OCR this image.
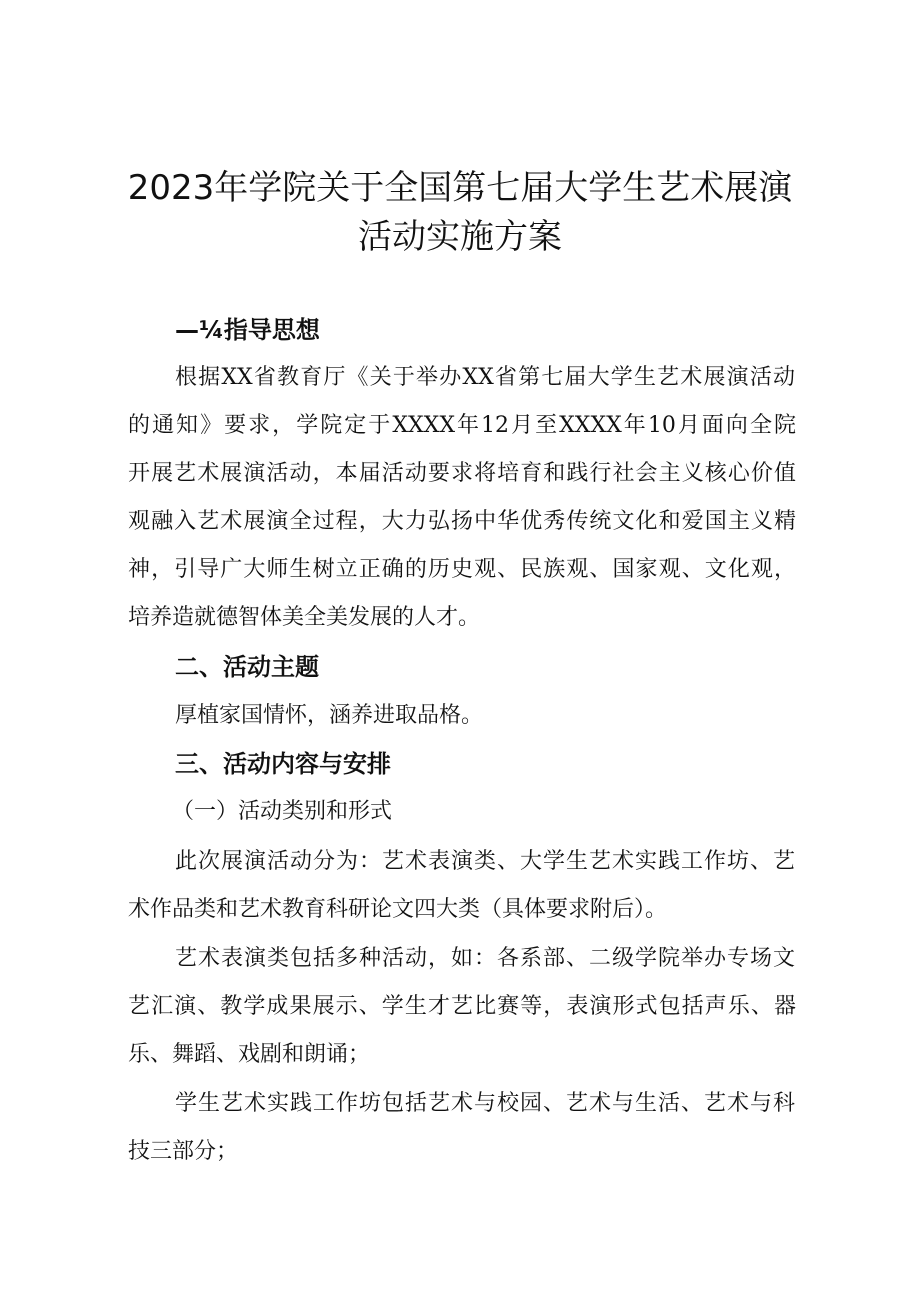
2023年学院关于全国第七届大学生艺术展演
活动实施方案
—¼指导思想
根据XX省教育厅《关于举办XX省第七届大学生艺术展演活动
的通知》要求，学院定于XXXX年12月至XXXX年10月面向全院
开展艺术展演活动，本届活动要求将培育和践行社会主义核心价值
观融入艺术展演全过程，大力弘扬中华优秀传统文化和爱国主义精
神，引导广大师生树立正确的历史观、民族观、国家观、文化观，
培养造就德智体美全美发展的人才。
二、活动主题
厚植家国情怀，涵养进取品格。
三、活动内容与安排
（一）活动类别和形式
此次展演活动分为：艺术表演类、大学生艺术实践工作坊、艺
术作品类和艺术教育科研论文四大类（具体要求附后）。
艺术表演类包括多种活动，如：各系部、二级学院举办专场文
艺汇演、教学成果展示、学生才艺比赛等，表演形式包括声乐、器
乐、舞蹈、戏剧和朗诵；
学生艺术实践工作坊包括艺术与校园、艺术与生活、艺术与科
技三部分；
